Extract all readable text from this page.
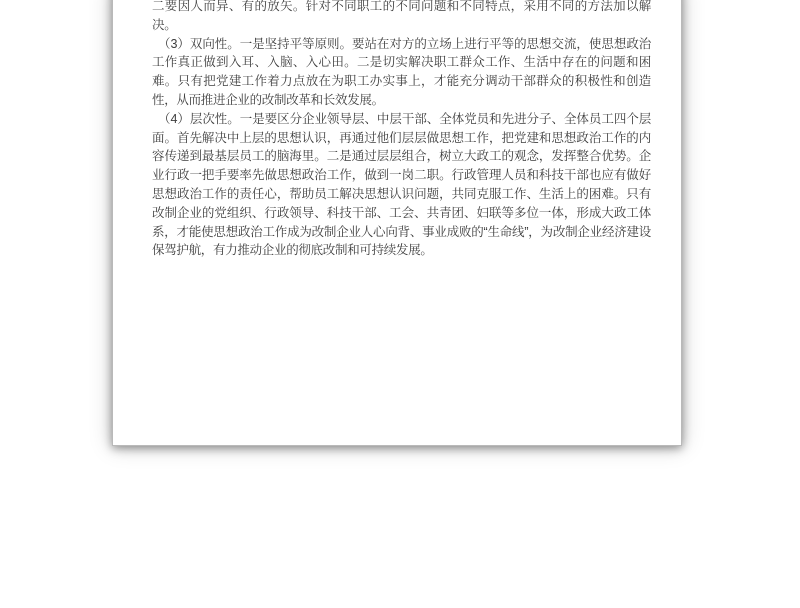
二要因人而异、有的放矢。针对不同职工的不同问题和不同特点，采用不同的方法加以解决。

（3）双向性。一是坚持平等原则。要站在对方的立场上进行平等的思想交流，使思想政治工作真正做到入耳、入脑、入心田。二是切实解决职工群众工作、生活中存在的问题和困难。只有把党建工作着力点放在为职工办实事上，才能充分调动干部群众的积极性和创造性，从而推进企业的改制改革和长效发展。

（4）层次性。一是要区分企业领导层、中层干部、全体党员和先进分子、全体员工四个层面。首先解决中上层的思想认识，再通过他们层层做思想工作，把党建和思想政治工作的内容传递到最基层员工的脑海里。二是通过层层组合，树立大政工的观念，发挥整合优势。企业行政一把手要率先做思想政治工作，做到一岗二职。行政管理人员和科技干部也应有做好思想政治工作的责任心，帮助员工解决思想认识问题，共同克服工作、生活上的困难。只有改制企业的党组织、行政领导、科技干部、工会、共青团、妇联等多位一体，形成大政工体系，才能使思想政治工作成为改制企业人心向背、事业成败的“生命线”，为改制企业经济建设保驾护航，有力推动企业的彻底改制和可持续发展。
